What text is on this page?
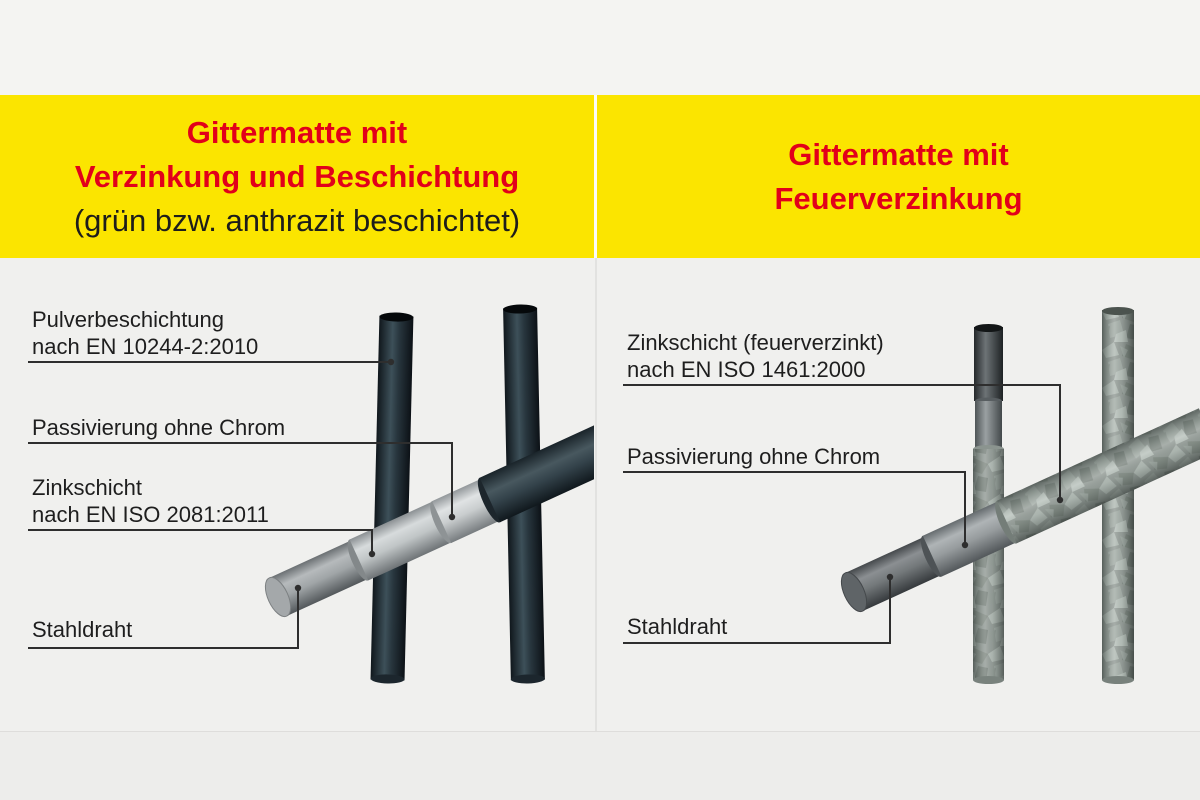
Gittermatte mit
Verzinkung und Beschichtung
(grün bzw. anthrazit beschichtet)
Gittermatte mit
Feuerverzinkung
Pulverbeschichtung
nach EN 10244-2:2010
Passivierung ohne Chrom
Zinkschicht
nach EN ISO 2081:2011
Stahldraht
Zinkschicht (feuerverzinkt)
nach EN ISO 1461:2000
Passivierung ohne Chrom
Stahldraht
